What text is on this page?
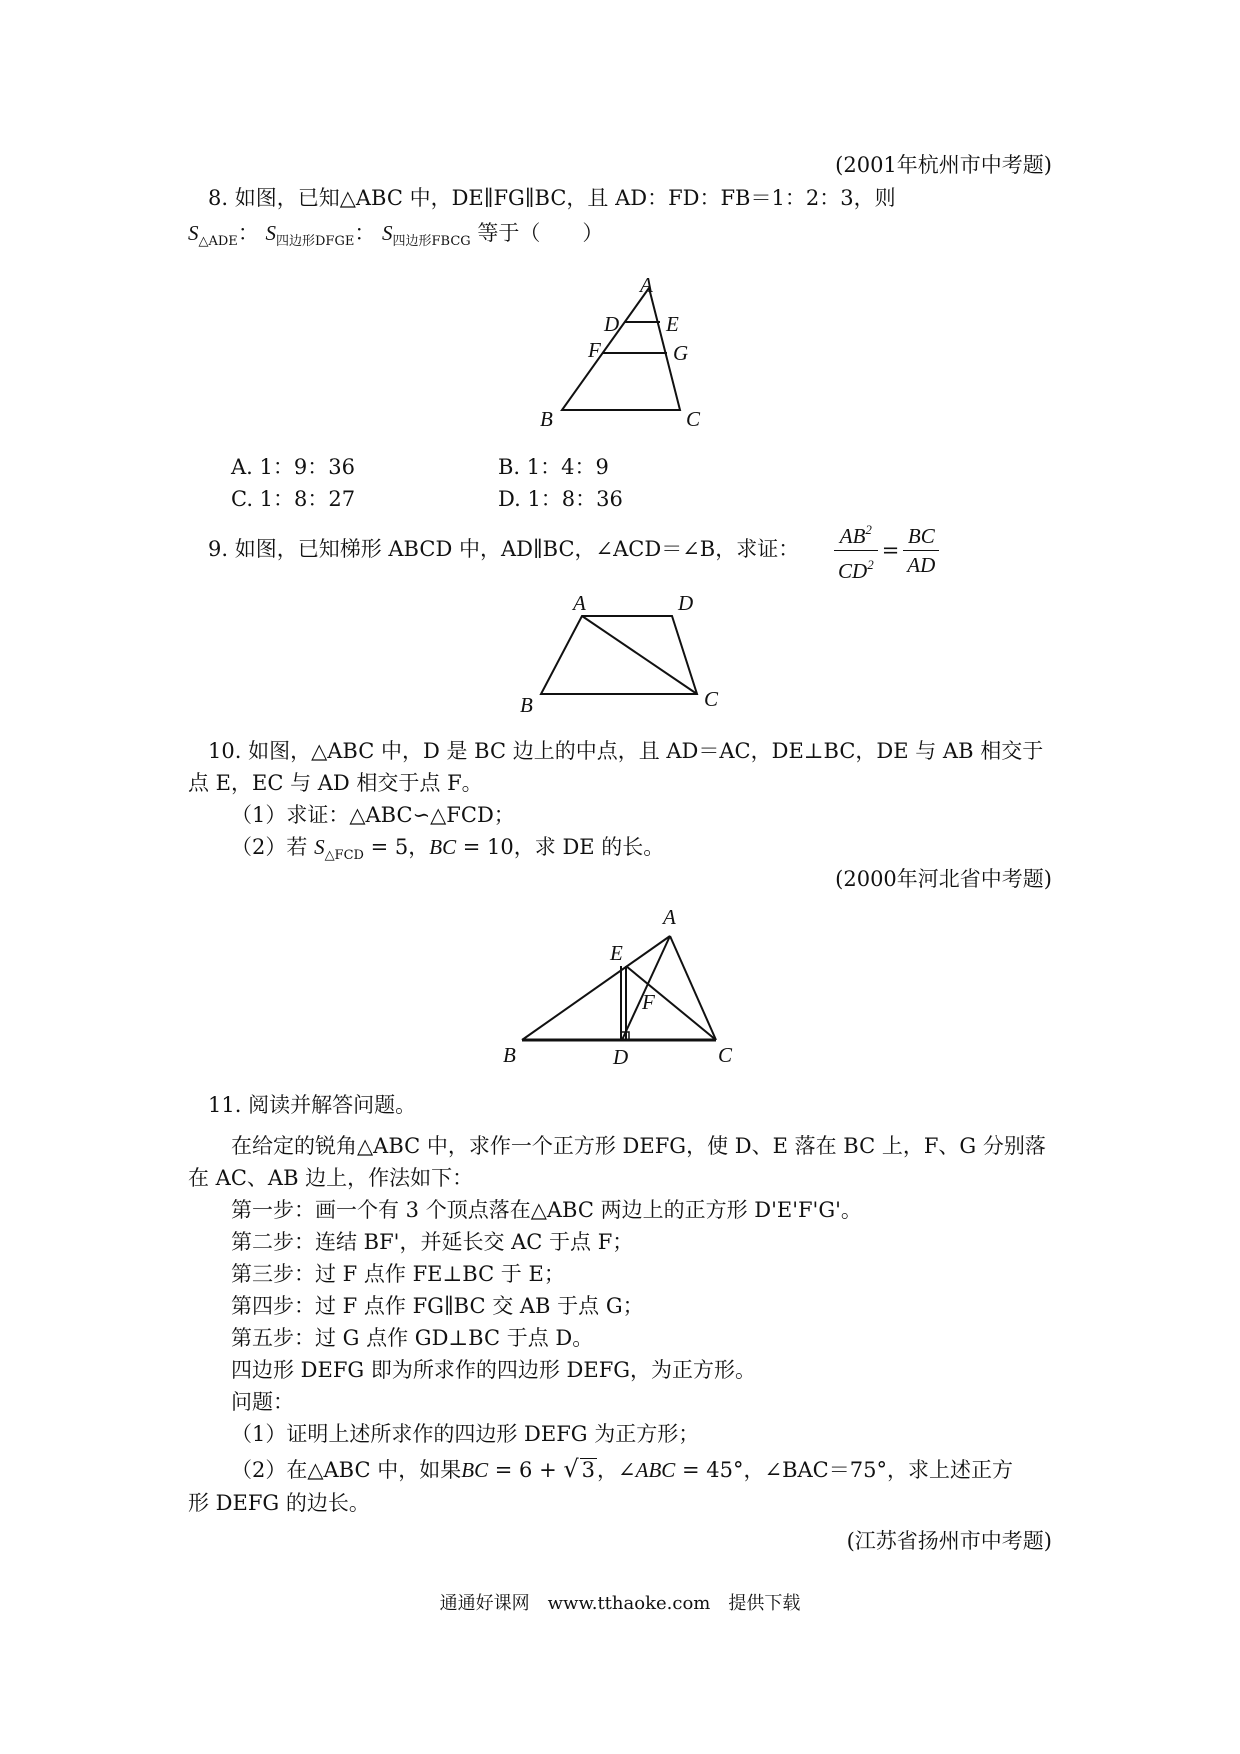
(2001年杭州市中考题)
8. 如图，已知△ABC 中，DE∥FG∥BC，且 AD：FD：FB＝1：2：3，则
$S_{\triangle ADE}$： $S_{四边形DFGE}$： $S_{四边形FBCG}$ 等于（　　）
A
D E
F	G
B	C
A. 1：9：36	B. 1：4：9
C. 1：8：27	D. 1：8：36
9. 如图，已知梯形 ABCD 中，AD∥BC，∠ACD＝∠B，求证： $\frac{AB^2}{CD^2} = \frac{BC}{AD}$
A	D
B	C
10. 如图，△ABC 中，D 是 BC 边上的中点，且 AD＝AC，DE⊥BC，DE 与 AB 相交于
点 E，EC 与 AD 相交于点 F。
（1）求证：△ABC∽△FCD；
（2）若 $S_{\triangle FCD} = 5$，BC = 10，求 DE 的长。
(2000年河北省中考题)
A
E
F
B	D	C
11. 阅读并解答问题。
在给定的锐角△ABC 中，求作一个正方形 DEFG，使 D、E 落在 BC 上，F、G 分别落
在 AC、AB 边上，作法如下：
第一步：画一个有 3 个顶点落在△ABC 两边上的正方形 D'E'F'G'。
第二步：连结 BF'，并延长交 AC 于点 F；
第三步：过 F 点作 FE⊥BC 于 E；
第四步：过 F 点作 FG∥BC 交 AB 于点 G；
第五步：过 G 点作 GD⊥BC 于点 D。
四边形 DEFG 即为所求作的四边形 DEFG，为正方形。
问题：
（1）证明上述所求作的四边形 DEFG 为正方形；
（2）在△ABC 中，如果BC = 6 + √ 3，∠ABC = 45°，∠BAC＝75°，求上述正方
形 DEFG 的边长。
(江苏省扬州市中考题)
通通好课网　www.tthaoke.com　提供下载
